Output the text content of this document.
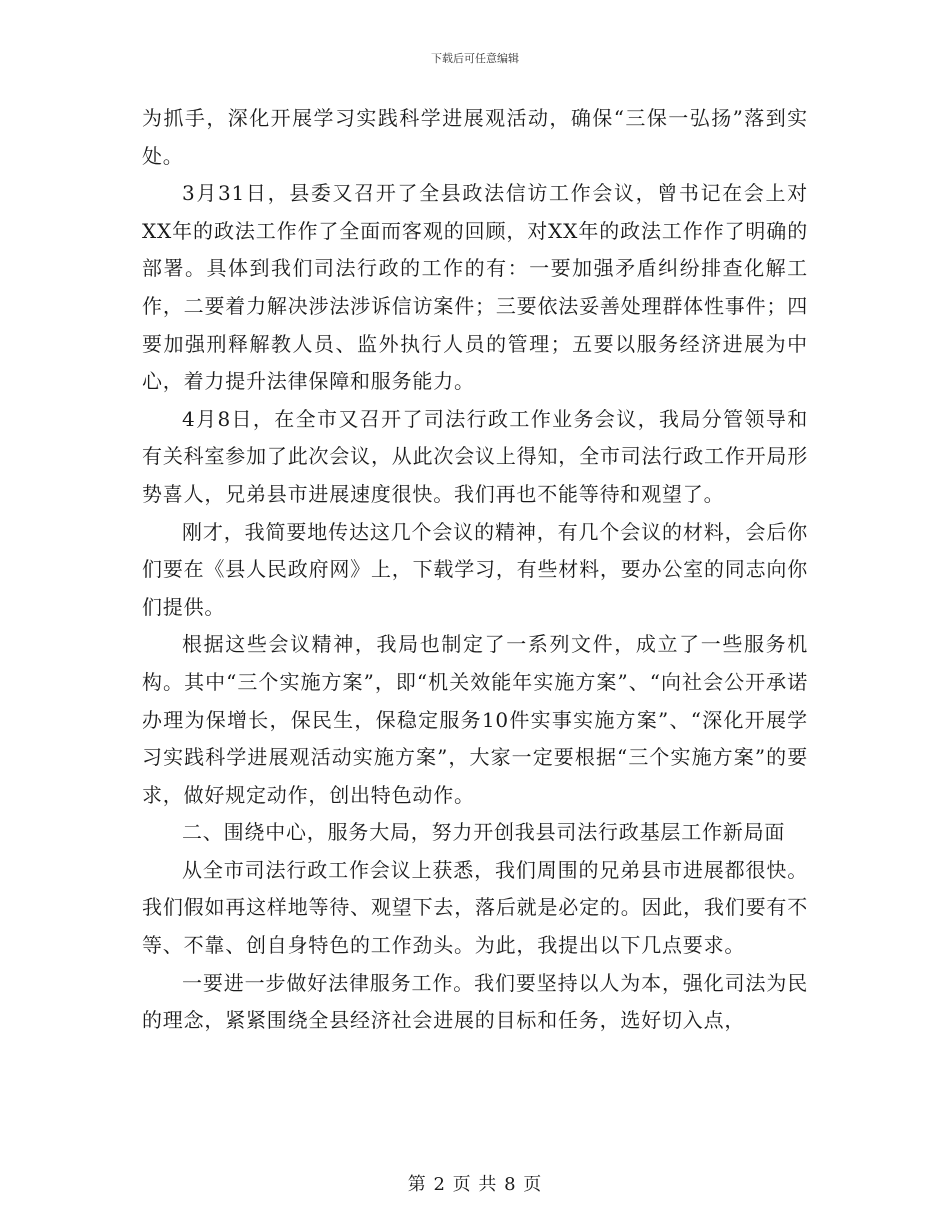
下载后可任意编辑

为抓手，深化开展学习实践科学进展观活动，确保“三保一弘扬”落到实处。

3月31日，县委又召开了全县政法信访工作会议，曾书记在会上对XX年的政法工作作了全面而客观的回顾，对XX年的政法工作作了明确的部署。具体到我们司法行政的工作的有：一要加强矛盾纠纷排查化解工作，二要着力解决涉法涉诉信访案件；三要依法妥善处理群体性事件；四要加强刑释解教人员、监外执行人员的管理；五要以服务经济进展为中心，着力提升法律保障和服务能力。

4月8日，在全市又召开了司法行政工作业务会议，我局分管领导和有关科室参加了此次会议，从此次会议上得知，全市司法行政工作开局形势喜人，兄弟县市进展速度很快。我们再也不能等待和观望了。

刚才，我简要地传达这几个会议的精神，有几个会议的材料，会后你们要在《县人民政府网》上，下载学习，有些材料，要办公室的同志向你们提供。

根据这些会议精神，我局也制定了一系列文件，成立了一些服务机构。其中“三个实施方案”，即“机关效能年实施方案”、“向社会公开承诺办理为保增长，保民生，保稳定服务10件实事实施方案”、“深化开展学习实践科学进展观活动实施方案”，大家一定要根据“三个实施方案”的要求，做好规定动作，创出特色动作。

二、围绕中心，服务大局，努力开创我县司法行政基层工作新局面

从全市司法行政工作会议上获悉，我们周围的兄弟县市进展都很快。我们假如再这样地等待、观望下去，落后就是必定的。因此，我们要有不等、不靠、创自身特色的工作劲头。为此，我提出以下几点要求。

一要进一步做好法律服务工作。我们要坚持以人为本，强化司法为民的理念，紧紧围绕全县经济社会进展的目标和任务，选好切入点，

第 2 页 共 8 页
